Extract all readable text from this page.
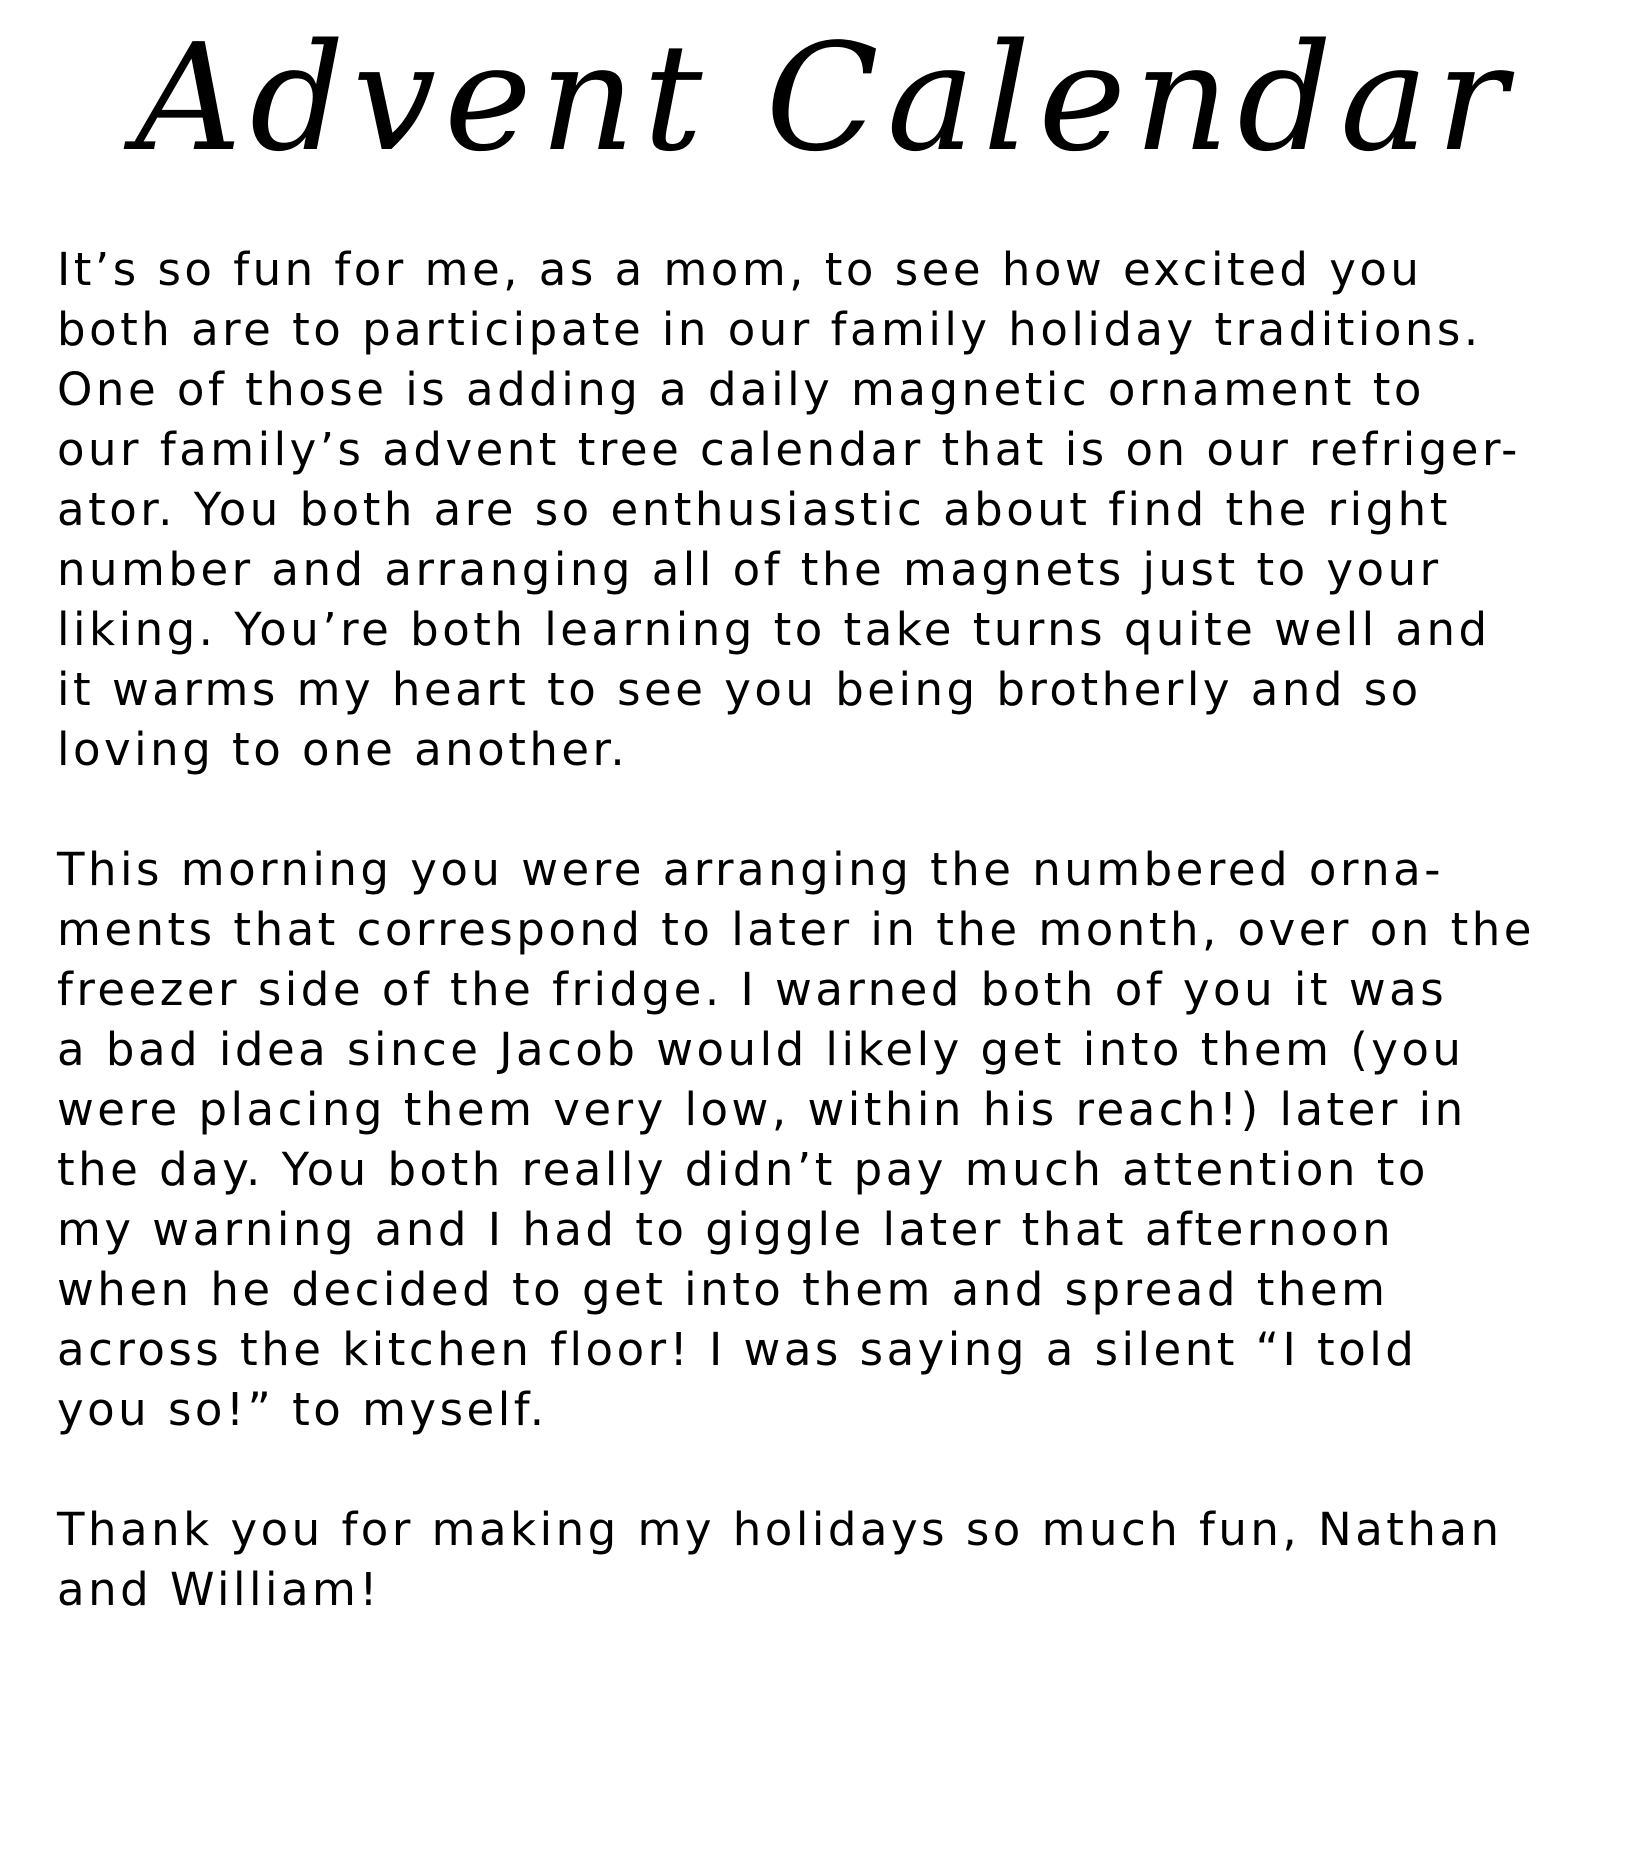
Advent Calendar
It’s so fun for me, as a mom, to see how excited you
both are to participate in our family holiday traditions.
One of those is adding a daily magnetic ornament to
our family’s advent tree calendar that is on our refriger-
ator. You both are so enthusiastic about find the right
number and arranging all of the magnets just to your
liking. You’re both learning to take turns quite well and
it warms my heart to see you being brotherly and so
loving to one another.
This morning you were arranging the numbered orna-
ments that correspond to later in the month, over on the
freezer side of the fridge. I warned both of you it was
a bad idea since Jacob would likely get into them (you
were placing them very low, within his reach!) later in
the day. You both really didn’t pay much attention to
my warning and I had to giggle later that afternoon
when he decided to get into them and spread them
across the kitchen floor! I was saying a silent “I told
you so!” to myself.
Thank you for making my holidays so much fun, Nathan
and William!
